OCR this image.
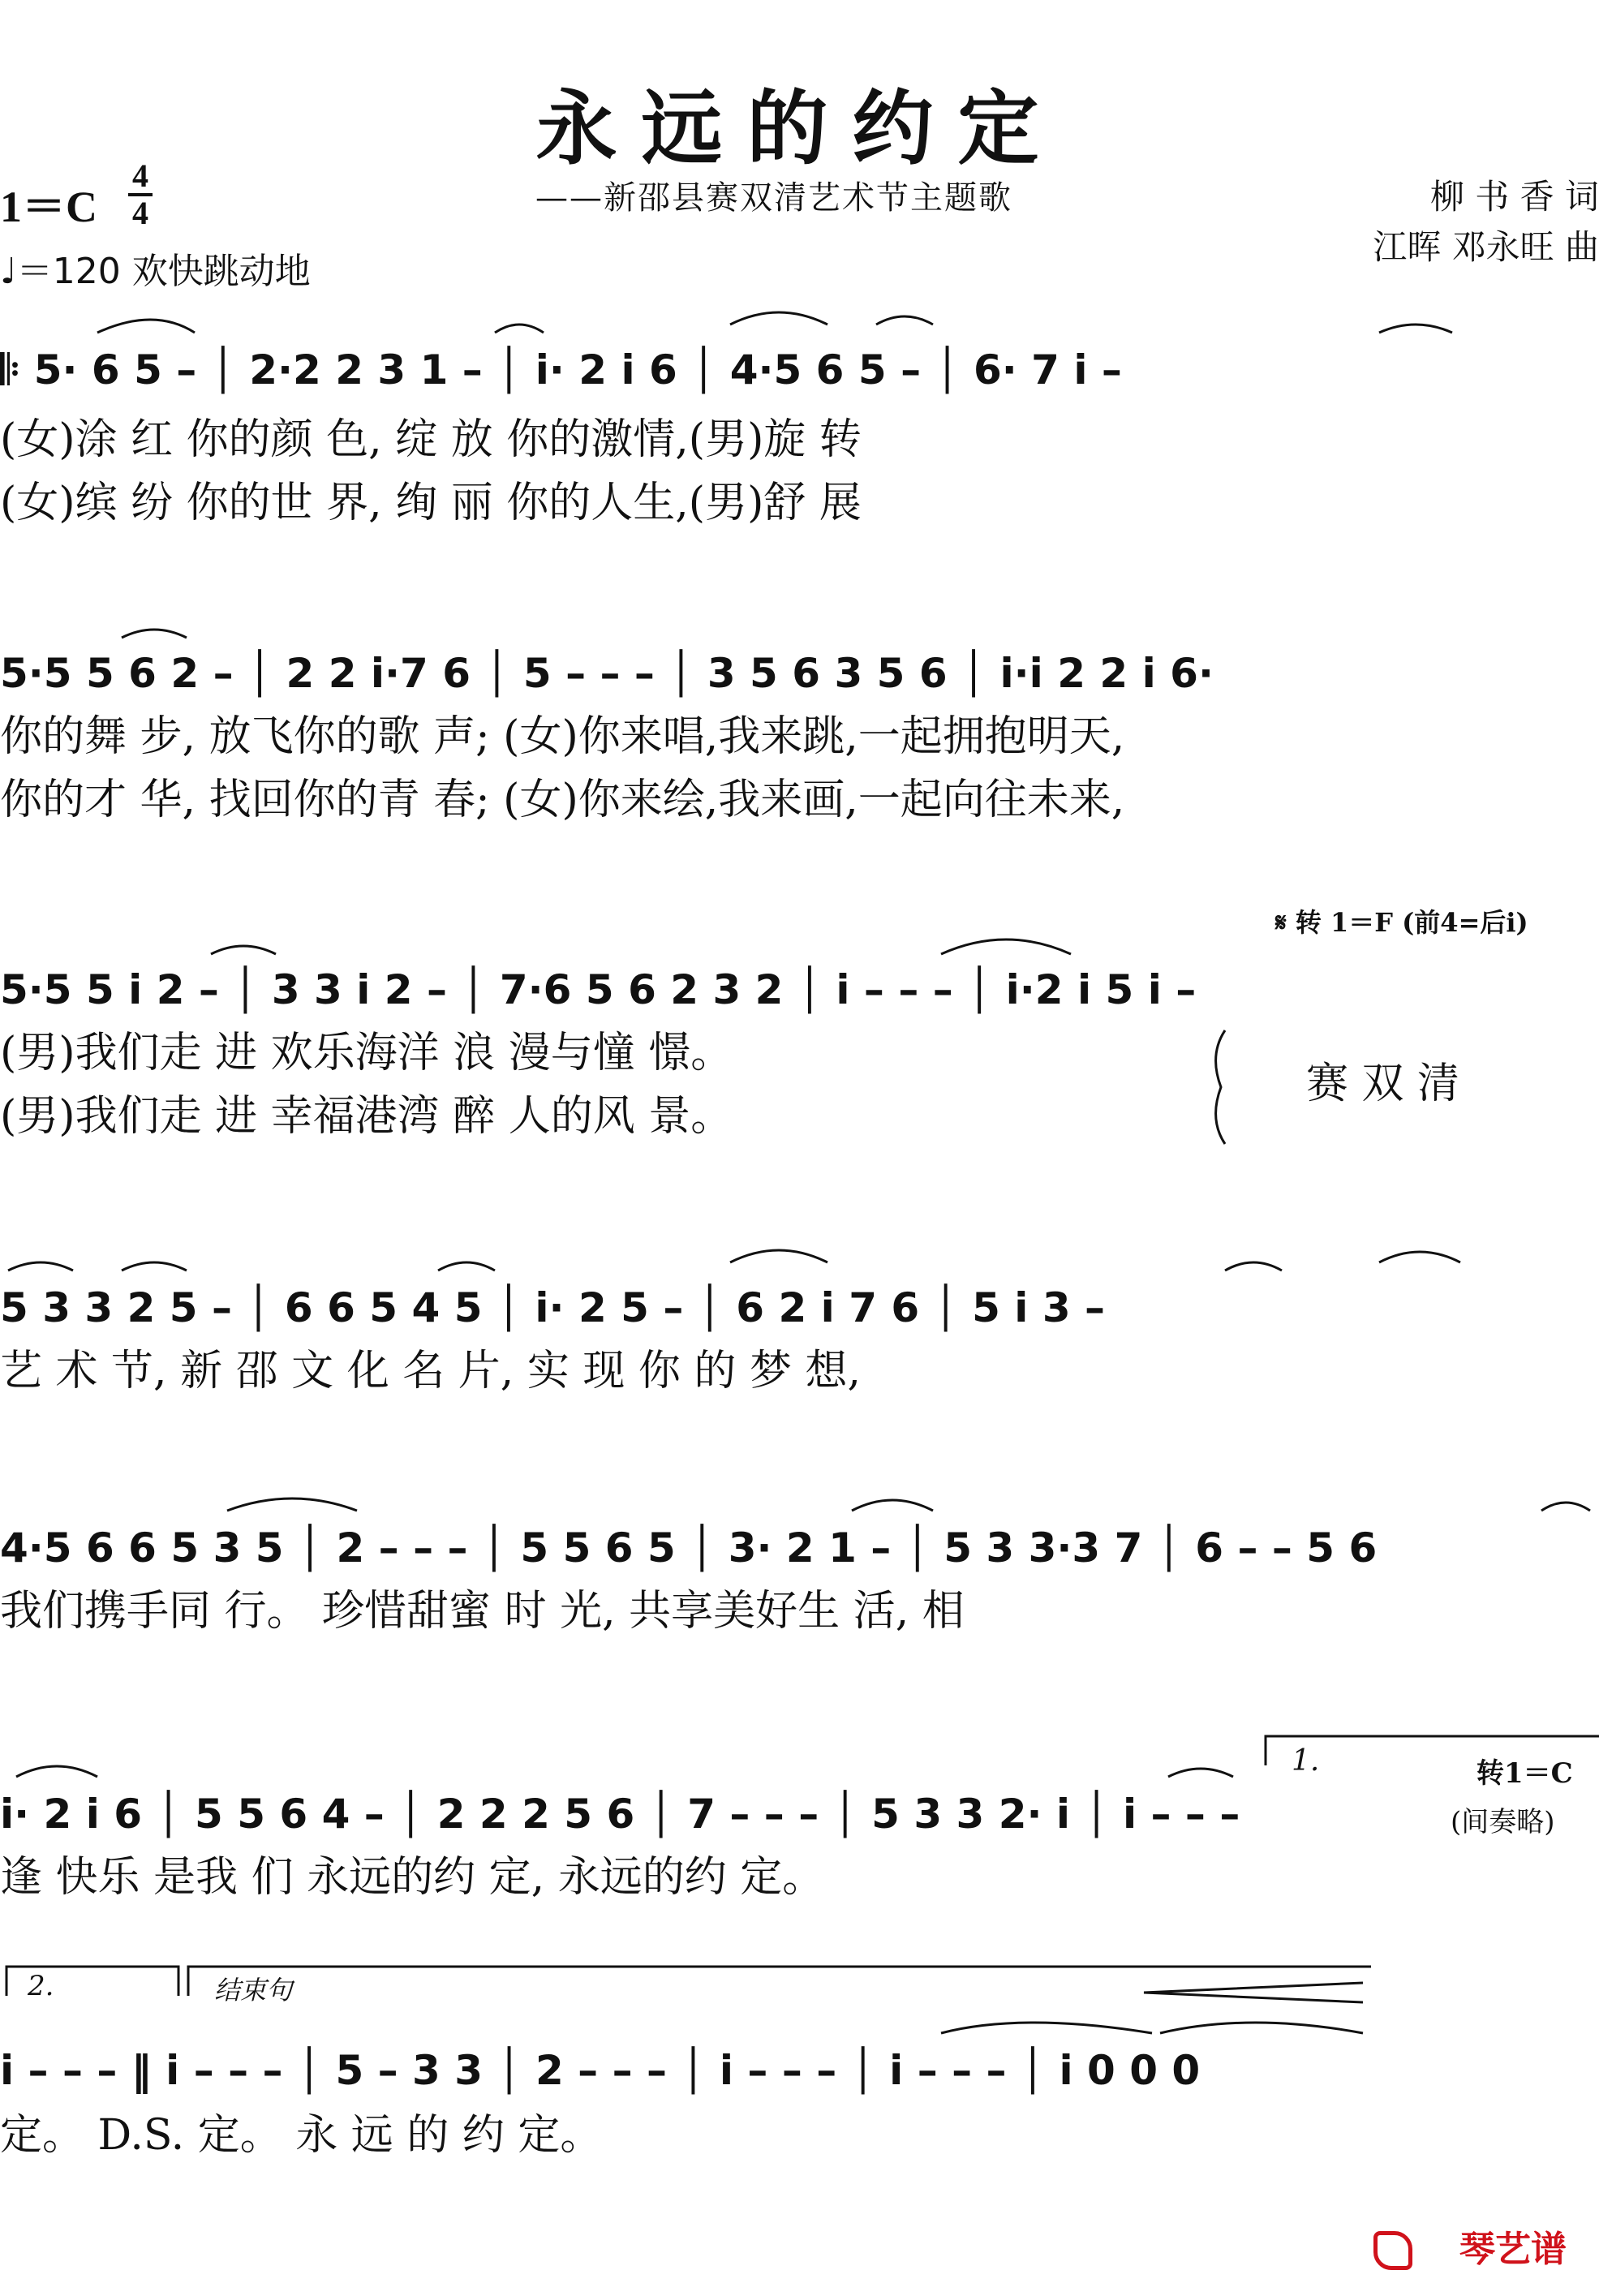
永远的约定
——新邵县赛双清艺术节主题歌
1＝C
4
4
♩＝120 欢快跳动地
柳 书 香 词
江晖 邓永旺 曲
𝄆 5· 6 5 – │ 2·2 2 3 1 – │ i· 2 i 6 │ 4·5 6 5 – │ 6· 7 i –
(女)涂 红 你的颜 色, 绽 放 你的激情,(男)旋 转
(女)缤 纷 你的世 界, 绚 丽 你的人生,(男)舒 展
5·5 5 6 2 – │ 2 2 i·7 6 │ 5 – – – │ 3 5 6 3 5 6 │ i·i 2 2 i 6·
你的舞 步, 放飞你的歌 声; (女)你来唱,我来跳,一起拥抱明天,
你的才 华, 找回你的青 春; (女)你来绘,我来画,一起向往未来,
𝄋 转 1＝F (前4=后i)
5·5 5 i 2 – │ 3 3 i 2 – │ 7·6 5 6 2 3 2 │ i – – – │ i·2 i 5 i –
(男)我们走 进 欢乐海洋 浪 漫与憧 憬。
(男)我们走 进 幸福港湾 醉 人的风 景。
赛 双 清
5 3 3 2 5 – │ 6 6 5 4 5 │ i· 2 5 – │ 6 2 i 7 6 │ 5 i 3 –
艺 术 节, 新 邵 文 化 名 片, 实 现 你 的 梦 想,
4·5 6 6 5 3 5 │ 2 – – – │ 5 5 6 5 │ 3· 2 1 – │ 5 3 3·3 7 │ 6 – – 5 6
我们携手同 行。 珍惜甜蜜 时 光, 共享美好生 活, 相
1.	转1＝C
i· 2 i 6 │ 5 5 6 4 – │ 2 2 2 5 6 │ 7 – – – │ 5 3 3 2· i │ i – – –	(间奏略)
逢 快乐 是我 们 永远的约 定, 永远的约 定。
2.	结束句
i – – – ‖ i – – – │ 5 – 3 3 │ 2 – – – │ i – – – │ i – – – │ i 0 0 0
定。 D.S. 定。 永 远 的 约 定。
琴艺谱
